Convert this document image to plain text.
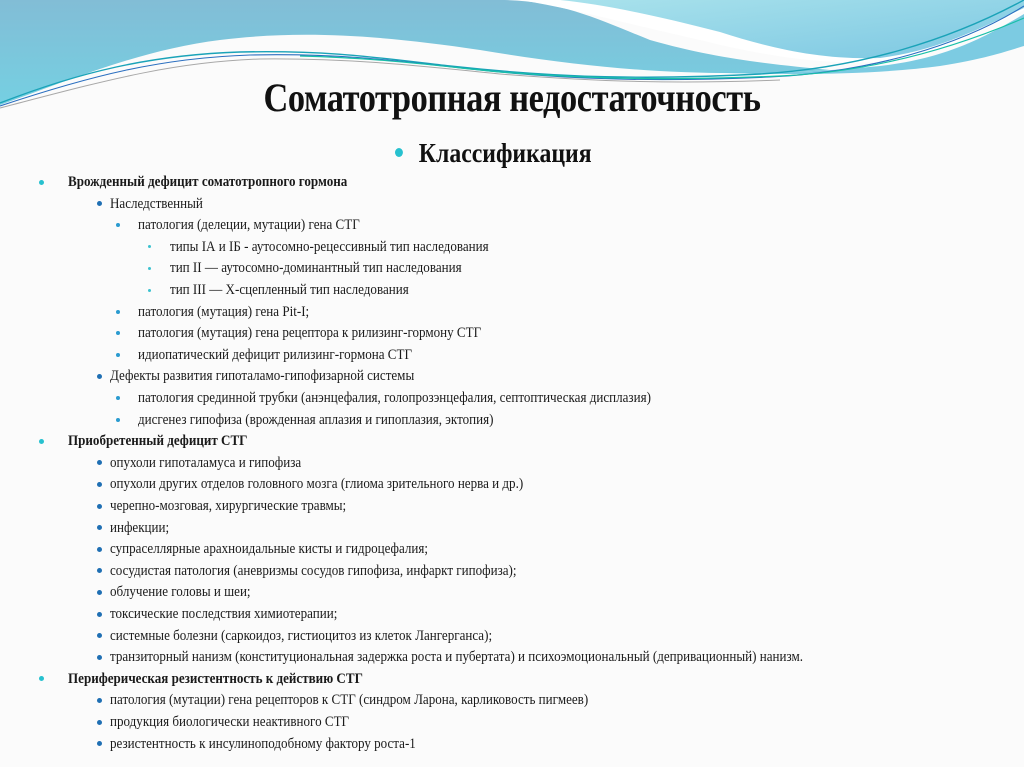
Соматотропная недостаточность
Классификация
Врожденный дефицит соматотропного гормона
Наследственный
патология (делеции, мутации) гена СТГ
типы IА и IБ - аутосомно-рецессивный тип наследования
тип II — аутосомно-доминантный тип наследования
тип III — Х-сцепленный тип наследования
патология (мутация) гена Pit-I;
патология (мутация) гена рецептора к рилизинг-гормону СТГ
идиопатический дефицит рилизинг-гормона СТГ
Дефекты развития гипоталамо-гипофизарной системы
патология срединной трубки (анэнцефалия, голопрозэнцефалия, септоптическая дисплазия)
дисгенез гипофиза (врожденная аплазия и гипоплазия, эктопия)
Приобретенный дефицит СТГ
опухоли гипоталамуса и гипофиза
опухоли других отделов головного мозга (глиома зрительного нерва и др.)
черепно-мозговая, хирургические травмы;
инфекции;
супраселлярные арахноидальные кисты и гидроцефалия;
сосудистая патология (аневризмы сосудов гипофиза, инфаркт гипофиза);
облучение головы и шеи;
токсические последствия химиотерапии;
системные болезни (саркоидоз, гистиоцитоз из клеток Лангерганса);
транзиторный нанизм (конституциональная задержка роста и пубертата) и психоэмоциональный (депривационный) нанизм.
Периферическая резистентность к действию СТГ
патология (мутации) гена рецепторов к СТГ (синдром Ларона, карликовость пигмеев)
продукция биологически неактивного СТГ
резистентность к инсулиноподобному фактору роста-1
